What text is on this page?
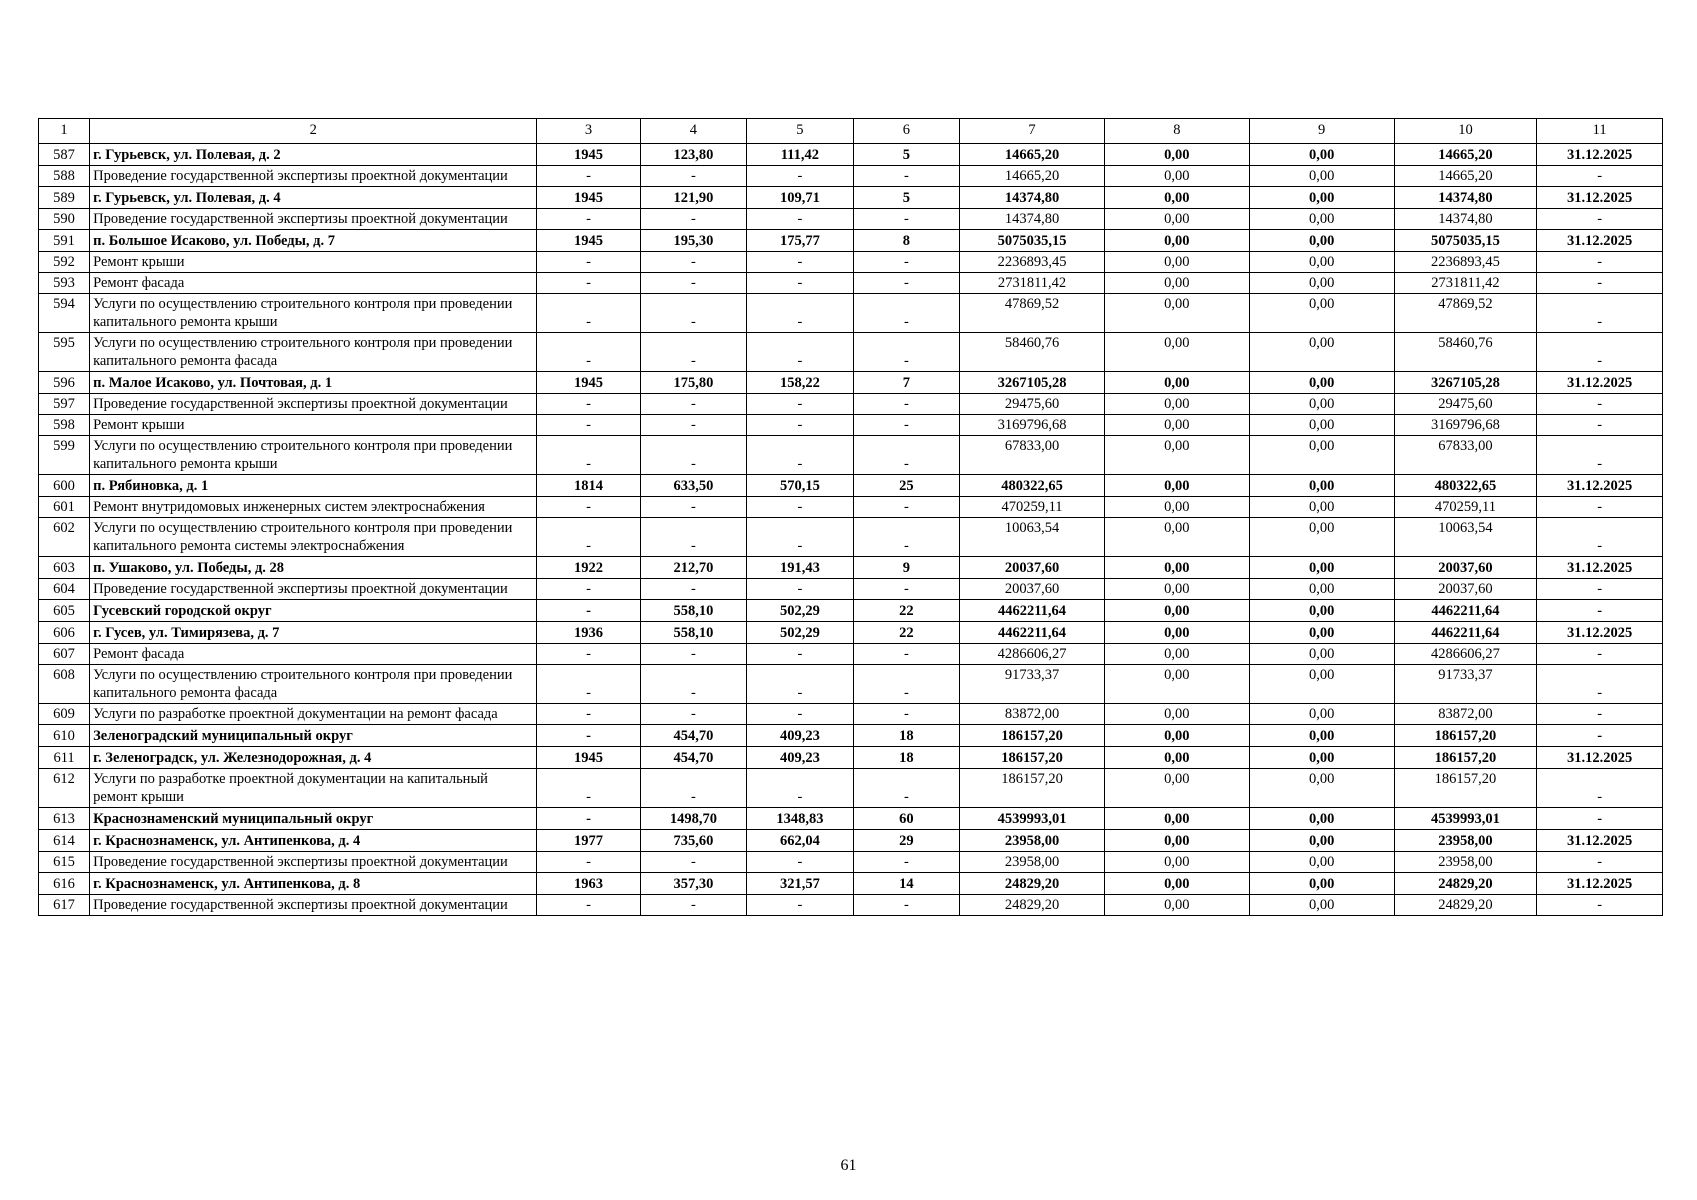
1	2	3	4	5	6	7	8	9	10	11
587	г. Гурьевск, ул. Полевая, д. 2	1945	123,80	111,42	5	14665,20	0,00	0,00	14665,20	31.12.2025
588	Проведение государственной экспертизы проектной документации	-	-	-	-	14665,20	0,00	0,00	14665,20	-
589	г. Гурьевск, ул. Полевая, д. 4	1945	121,90	109,71	5	14374,80	0,00	0,00	14374,80	31.12.2025
590	Проведение государственной экспертизы проектной документации	-	-	-	-	14374,80	0,00	0,00	14374,80	-
591	п. Большое Исаково, ул. Победы, д. 7	1945	195,30	175,77	8	5075035,15	0,00	0,00	5075035,15	31.12.2025
592	Ремонт крыши	-	-	-	-	2236893,45	0,00	0,00	2236893,45	-
593	Ремонт фасада	-	-	-	-	2731811,42	0,00	0,00	2731811,42	-
594	Услуги по осуществлению строительного контроля при проведении капитального ремонта крыши	-	-	-	-	47869,52	0,00	0,00	47869,52	-
595	Услуги по осуществлению строительного контроля при проведении капитального ремонта фасада	-	-	-	-	58460,76	0,00	0,00	58460,76	-
596	п. Малое Исаково, ул. Почтовая, д. 1	1945	175,80	158,22	7	3267105,28	0,00	0,00	3267105,28	31.12.2025
597	Проведение государственной экспертизы проектной документации	-	-	-	-	29475,60	0,00	0,00	29475,60	-
598	Ремонт крыши	-	-	-	-	3169796,68	0,00	0,00	3169796,68	-
599	Услуги по осуществлению строительного контроля при проведении капитального ремонта крыши	-	-	-	-	67833,00	0,00	0,00	67833,00	-
600	п. Рябиновка, д. 1	1814	633,50	570,15	25	480322,65	0,00	0,00	480322,65	31.12.2025
601	Ремонт внутридомовых инженерных систем электроснабжения	-	-	-	-	470259,11	0,00	0,00	470259,11	-
602	Услуги по осуществлению строительного контроля при проведении капитального ремонта системы электроснабжения	-	-	-	-	10063,54	0,00	0,00	10063,54	-
603	п. Ушаково, ул. Победы, д. 28	1922	212,70	191,43	9	20037,60	0,00	0,00	20037,60	31.12.2025
604	Проведение государственной экспертизы проектной документации	-	-	-	-	20037,60	0,00	0,00	20037,60	-
605	Гусевский городской округ	-	558,10	502,29	22	4462211,64	0,00	0,00	4462211,64	-
606	г. Гусев, ул. Тимирязева, д. 7	1936	558,10	502,29	22	4462211,64	0,00	0,00	4462211,64	31.12.2025
607	Ремонт фасада	-	-	-	-	4286606,27	0,00	0,00	4286606,27	-
608	Услуги по осуществлению строительного контроля при проведении капитального ремонта фасада	-	-	-	-	91733,37	0,00	0,00	91733,37	-
609	Услуги по разработке проектной документации на ремонт фасада	-	-	-	-	83872,00	0,00	0,00	83872,00	-
610	Зеленоградский муниципальный округ	-	454,70	409,23	18	186157,20	0,00	0,00	186157,20	-
611	г. Зеленоградск, ул. Железнодорожная, д. 4	1945	454,70	409,23	18	186157,20	0,00	0,00	186157,20	31.12.2025
612	Услуги по разработке проектной документации на капитальный ремонт крыши	-	-	-	-	186157,20	0,00	0,00	186157,20	-
613	Краснознаменский муниципальный округ	-	1498,70	1348,83	60	4539993,01	0,00	0,00	4539993,01	-
614	г. Краснознаменск, ул. Антипенкова, д. 4	1977	735,60	662,04	29	23958,00	0,00	0,00	23958,00	31.12.2025
615	Проведение государственной экспертизы проектной документации	-	-	-	-	23958,00	0,00	0,00	23958,00	-
616	г. Краснознаменск, ул. Антипенкова, д. 8	1963	357,30	321,57	14	24829,20	0,00	0,00	24829,20	31.12.2025
617	Проведение государственной экспертизы проектной документации	-	-	-	-	24829,20	0,00	0,00	24829,20	-
61
